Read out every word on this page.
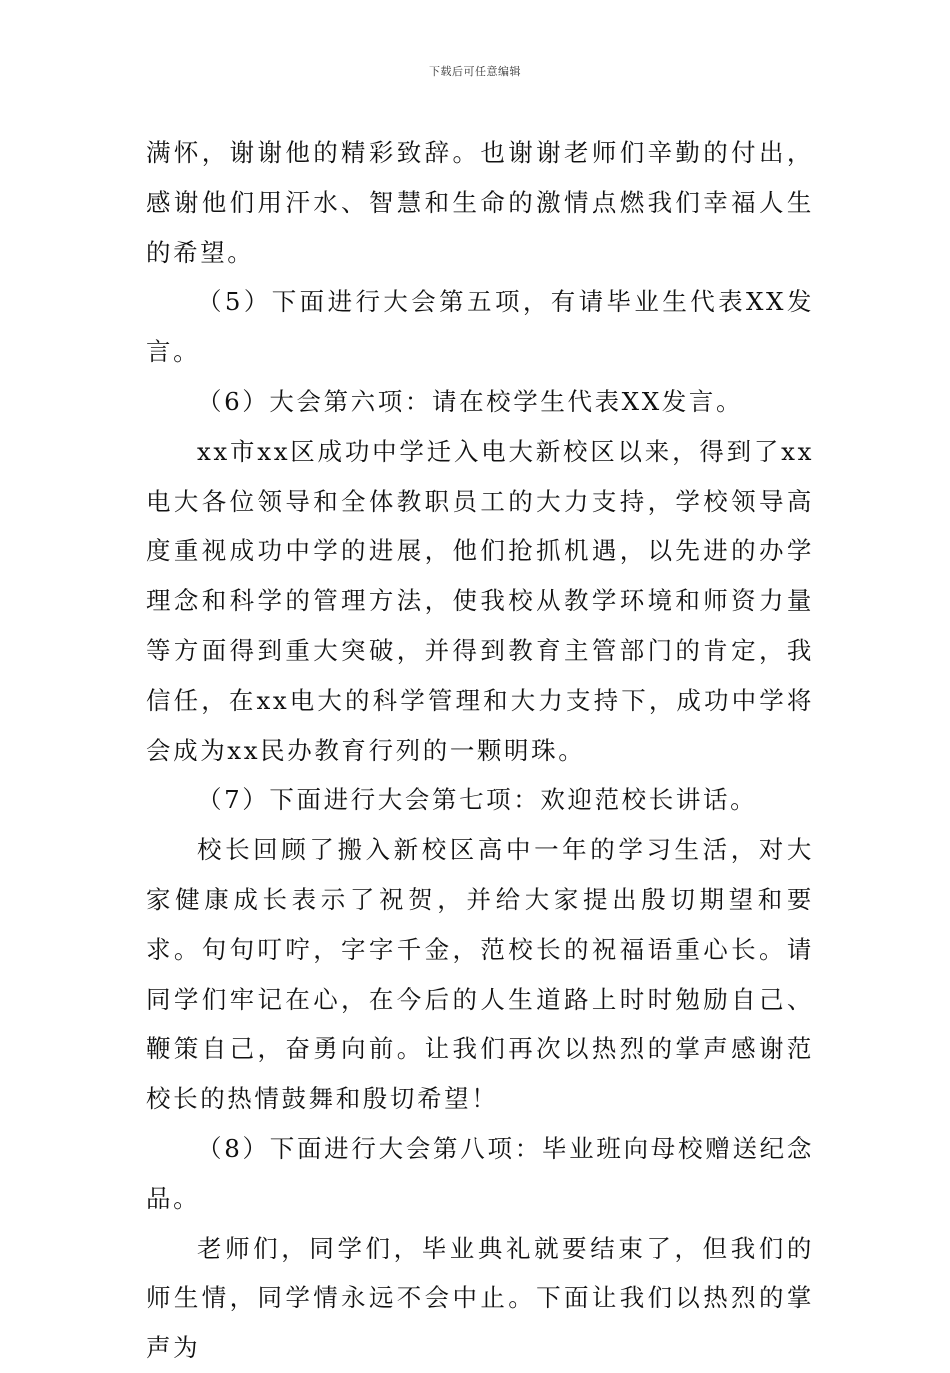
下载后可任意编辑

满怀，谢谢他的精彩致辞。也谢谢老师们辛勤的付出，感谢他们用汗水、智慧和生命的激情点燃我们幸福人生的希望。

（5）下面进行大会第五项，有请毕业生代表XX发言。

（6）大会第六项：请在校学生代表XX发言。

xx市xx区成功中学迁入电大新校区以来，得到了xx电大各位领导和全体教职员工的大力支持，学校领导高度重视成功中学的进展，他们抢抓机遇，以先进的办学理念和科学的管理方法，使我校从教学环境和师资力量等方面得到重大突破，并得到教育主管部门的肯定，我信任，在xx电大的科学管理和大力支持下，成功中学将会成为xx民办教育行列的一颗明珠。

（7）下面进行大会第七项：欢迎范校长讲话。

校长回顾了搬入新校区高中一年的学习生活，对大家健康成长表示了祝贺，并给大家提出殷切期望和要求。句句叮咛，字字千金，范校长的祝福语重心长。请同学们牢记在心，在今后的人生道路上时时勉励自己、鞭策自己，奋勇向前。让我们再次以热烈的掌声感谢范校长的热情鼓舞和殷切希望！

（8）下面进行大会第八项：毕业班向母校赠送纪念品。

老师们，同学们，毕业典礼就要结束了，但我们的师生情，同学情永远不会中止。下面让我们以热烈的掌声为
